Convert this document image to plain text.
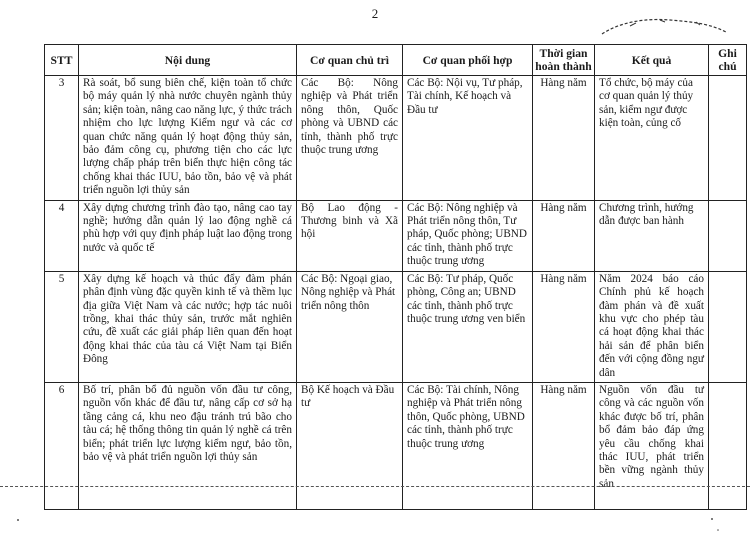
2
STT	Nội dung	Cơ quan chủ trì	Cơ quan phối hợp	Thời gian hoàn thành	Kết quả	Ghi chú
3	Rà soát, bổ sung biên chế, kiện toàn tổ chức bộ máy quản lý nhà nước chuyên ngành thủy sản; kiện toàn, nâng cao năng lực, ý thức trách nhiệm cho lực lượng Kiểm ngư và các cơ quan chức năng quản lý hoạt động thủy sản, bảo đảm công cụ, phương tiện cho các lực lượng chấp pháp trên biển thực hiện công tác chống khai thác IUU, bảo tồn, bảo vệ và phát triển nguồn lợi thủy sản	Các Bộ: Nông nghiệp và Phát triển nông thôn, Quốc phòng và UBND các tỉnh, thành phố trực thuộc trung ương	Các Bộ: Nội vụ, Tư pháp, Tài chính, Kế hoạch và Đầu tư	Hàng năm	Tổ chức, bộ máy của cơ quan quản lý thủy sản, kiểm ngư được kiện toàn, củng cố	
4	Xây dựng chương trình đào tạo, nâng cao tay nghề; hướng dẫn quản lý lao động nghề cá phù hợp với quy định pháp luật lao động trong nước và quốc tế	Bộ Lao động - Thương binh và Xã hội	Các Bộ: Nông nghiệp và Phát triển nông thôn, Tư pháp, Quốc phòng; UBND các tỉnh, thành phố trực thuộc trung ương	Hàng năm	Chương trình, hướng dẫn được ban hành	
5	Xây dựng kế hoạch và thúc đẩy đàm phán phân định vùng đặc quyền kinh tế và thềm lục địa giữa Việt Nam và các nước; hợp tác nuôi trồng, khai thác thủy sản, trước mắt nghiên cứu, đề xuất các giải pháp liên quan đến hoạt động khai thác của tàu cá Việt Nam tại Biển Đông	Các Bộ: Ngoại giao, Nông nghiệp và Phát triển nông thôn	Các Bộ: Tư pháp, Quốc phòng, Công an; UBND các tỉnh, thành phố trực thuộc trung ương ven biển	Hàng năm	Năm 2024 báo cáo Chính phủ kế hoạch đàm phán và đề xuất khu vực cho phép tàu cá hoạt động khai thác hải sản để phân biển đến với cộng đồng ngư dân	
6	Bố trí, phân bổ đủ nguồn vốn đầu tư công, nguồn vốn khác để đầu tư, nâng cấp cơ sở hạ tầng cảng cá, khu neo đậu tránh trú bão cho tàu cá; hệ thống thông tin quản lý nghề cá trên biển; phát triển lực lượng kiểm ngư, bảo tồn, bảo vệ và phát triển nguồn lợi thủy sản	Bộ Kế hoạch và Đầu tư	Các Bộ: Tài chính, Nông nghiệp và Phát triển nông thôn, Quốc phòng, UBND các tỉnh, thành phố trực thuộc trung ương	Hàng năm	Nguồn vốn đầu tư công và các nguồn vốn khác được bố trí, phân bổ đảm bảo đáp ứng yêu cầu chống khai thác IUU, phát triển bền vững ngành thủy sản	
